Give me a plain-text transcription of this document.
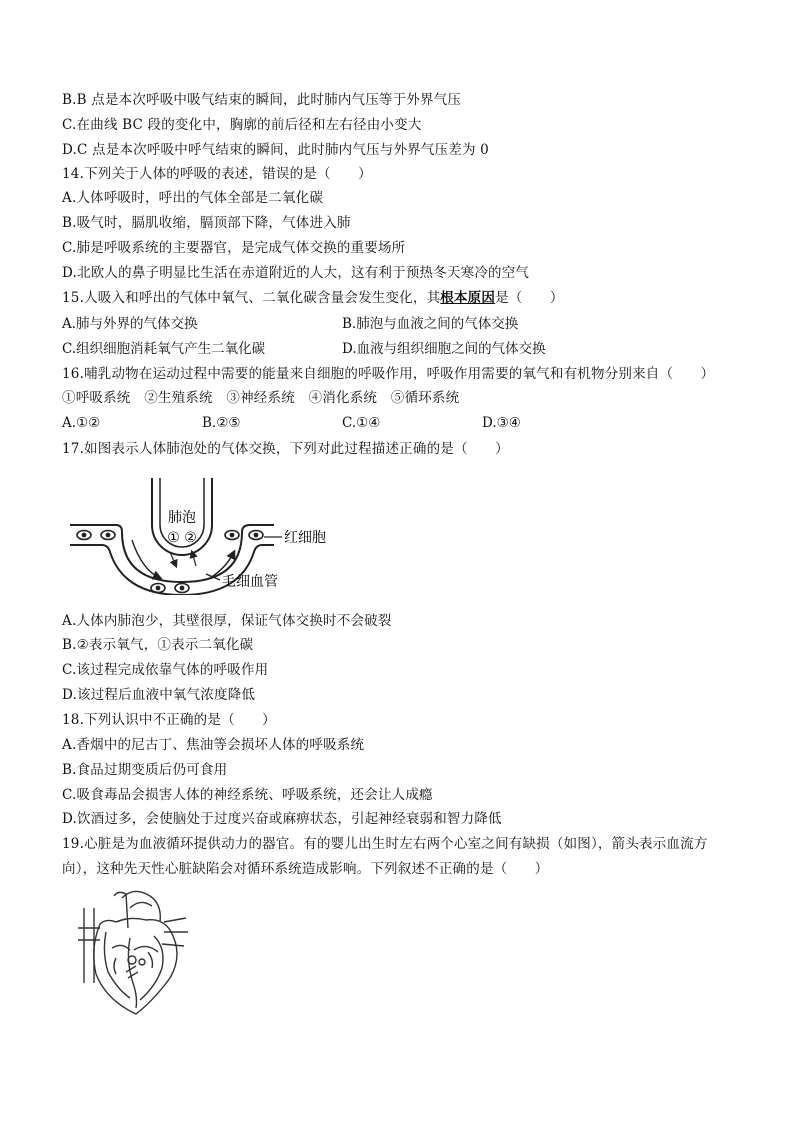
B.B 点是本次呼吸中吸气结束的瞬间，此时肺内气压等于外界气压
C.在曲线 BC 段的变化中，胸廓的前后径和左右径由小变大
D.C 点是本次呼吸中呼气结束的瞬间，此时肺内气压与外界气压差为 0
14.下列关于人体的呼吸的表述，错误的是（　　）
A.人体呼吸时，呼出的气体全部是二氧化碳
B.吸气时，膈肌收缩，膈顶部下降，气体进入肺
C.肺是呼吸系统的主要器官，是完成气体交换的重要场所
D.北欧人的鼻子明显比生活在赤道附近的人大，这有利于预热冬天寒冷的空气
15.人吸入和呼出的气体中氧气、二氧化碳含量会发生变化，其根本原因是（　　）
A.肺与外界的气体交换	B.肺泡与血液之间的气体交换
C.组织细胞消耗氧气产生二氧化碳	D.血液与组织细胞之间的气体交换
16.哺乳动物在运动过程中需要的能量来自细胞的呼吸作用，呼吸作用需要的氧气和有机物分别来自（　　）
①呼吸系统　②生殖系统　③神经系统　④消化系统　⑤循环系统
A.①②	B.②⑤	C.①④	D.③④
17.如图表示人体肺泡处的气体交换，下列对此过程描述正确的是（　　）
肺泡
① ②	红细胞
毛细血管
A.人体内肺泡少，其壁很厚，保证气体交换时不会破裂
B.②表示氧气，①表示二氧化碳
C.该过程完成依靠气体的呼吸作用
D.该过程后血液中氧气浓度降低
18.下列认识中不正确的是（　　）
A.香烟中的尼古丁、焦油等会损坏人体的呼吸系统
B.食品过期变质后仍可食用
C.吸食毒品会损害人体的神经系统、呼吸系统，还会让人成瘾
D.饮酒过多，会使脑处于过度兴奋或麻痹状态，引起神经衰弱和智力降低
19.心脏是为血液循环提供动力的器官。有的婴儿出生时左右两个心室之间有缺损（如图），箭头表示血流方
向），这种先天性心脏缺陷会对循环系统造成影响。下列叙述不正确的是（　　）
